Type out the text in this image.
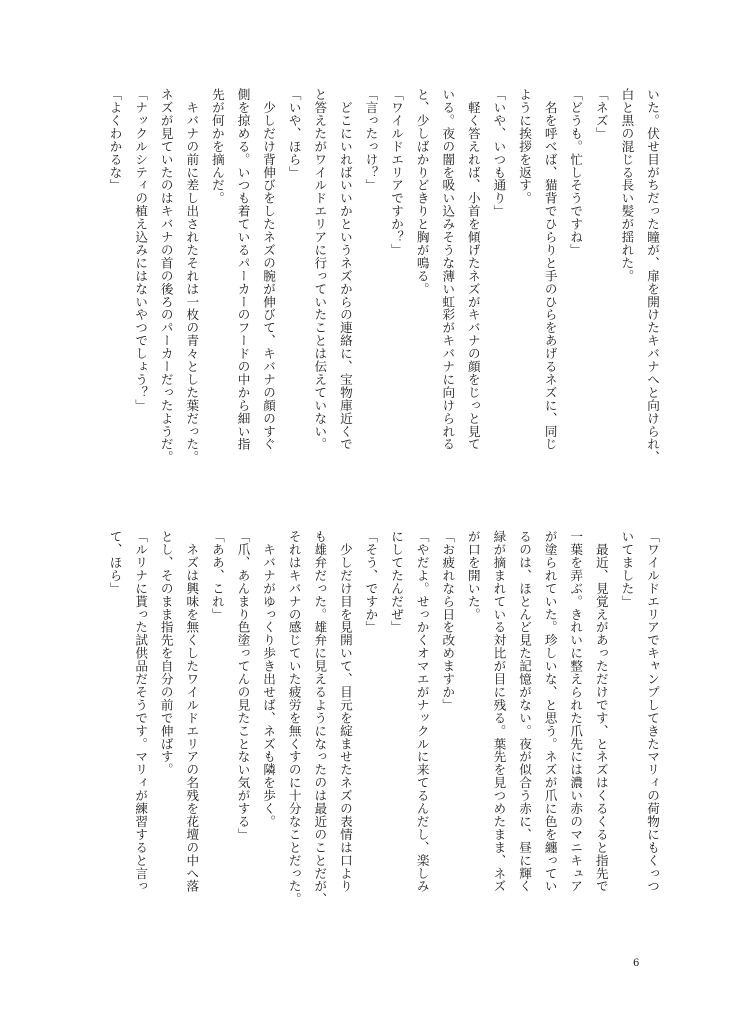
いた。伏せ目がちだった瞳が、扉を開けたキバナへと向けられ、
白と黒の混じる長い髪が揺れた。
「ネズ」
「どうも。忙しそうですね」
　名を呼べば、猫背でひらりと手のひらをあげるネズに、同じ
ように挨拶を返す。
「いや、いつも通り」
　軽く答えれば、小首を傾げたネズがキバナの顔をじっと見て
いる。夜の闇を吸い込みそうな薄い虹彩がキバナに向けられる
と、少しばかりどきりと胸が鳴る。
「ワイルドエリアですか？」
「言ったっけ？」
　どこにいればいいかというネズからの連絡に、宝物庫近くで
と答えたがワイルドエリアに行っていたことは伝えていない。
「いや、ほら」
　少しだけ背伸びをしたネズの腕が伸びて、キバナの顔のすぐ
側を掠める。いつも着ているパーカーのフードの中から細い指
先が何かを摘んだ。
　キバナの前に差し出されたそれは一枚の青々とした葉だった。
ネズが見ていたのはキバナの首の後ろのパーカーだったようだ。
「ナックルシティの植え込みにはないやつでしょう？」
「よくわかるな」
「ワイルドエリアでキャンプしてきたマリィの荷物にもくっつ
いてました」
　最近、見覚えがあっただけです、とネズはくるくると指先で
一葉を弄ぶ。きれいに整えられた爪先には濃い赤のマニキュア
が塗られていた。珍しいな、と思う。ネズが爪に色を纏ってい
るのは、ほとんど見た記憶がない。夜が似合う赤に、昼に輝く
緑が摘まれている対比が目に残る。葉先を見つめたまま、ネズ
が口を開いた。
「お疲れなら日を改めますか」
「やだよ。せっかくオマエがナックルに来てるんだし、楽しみ
にしてたんだぜ」
「そう、ですか」
　少しだけ目を見開いて、目元を綻ませたネズの表情は口より
も雄弁だった。雄弁に見えるようになったのは最近のことだが、
それはキバナの感じていた疲労を無くすのに十分なことだった。
　キバナがゆっくり歩き出せば、ネズも隣を歩く。
「爪、あんまり色塗ってんの見たことない気がする」
「ああ、これ」
　ネズは興味を無くしたワイルドエリアの名残を花壇の中へ落
とし、そのまま指先を自分の前で伸ばす。
「ルリナに貰った試供品だそうです。マリィが練習すると言っ
て、ほら」
6
